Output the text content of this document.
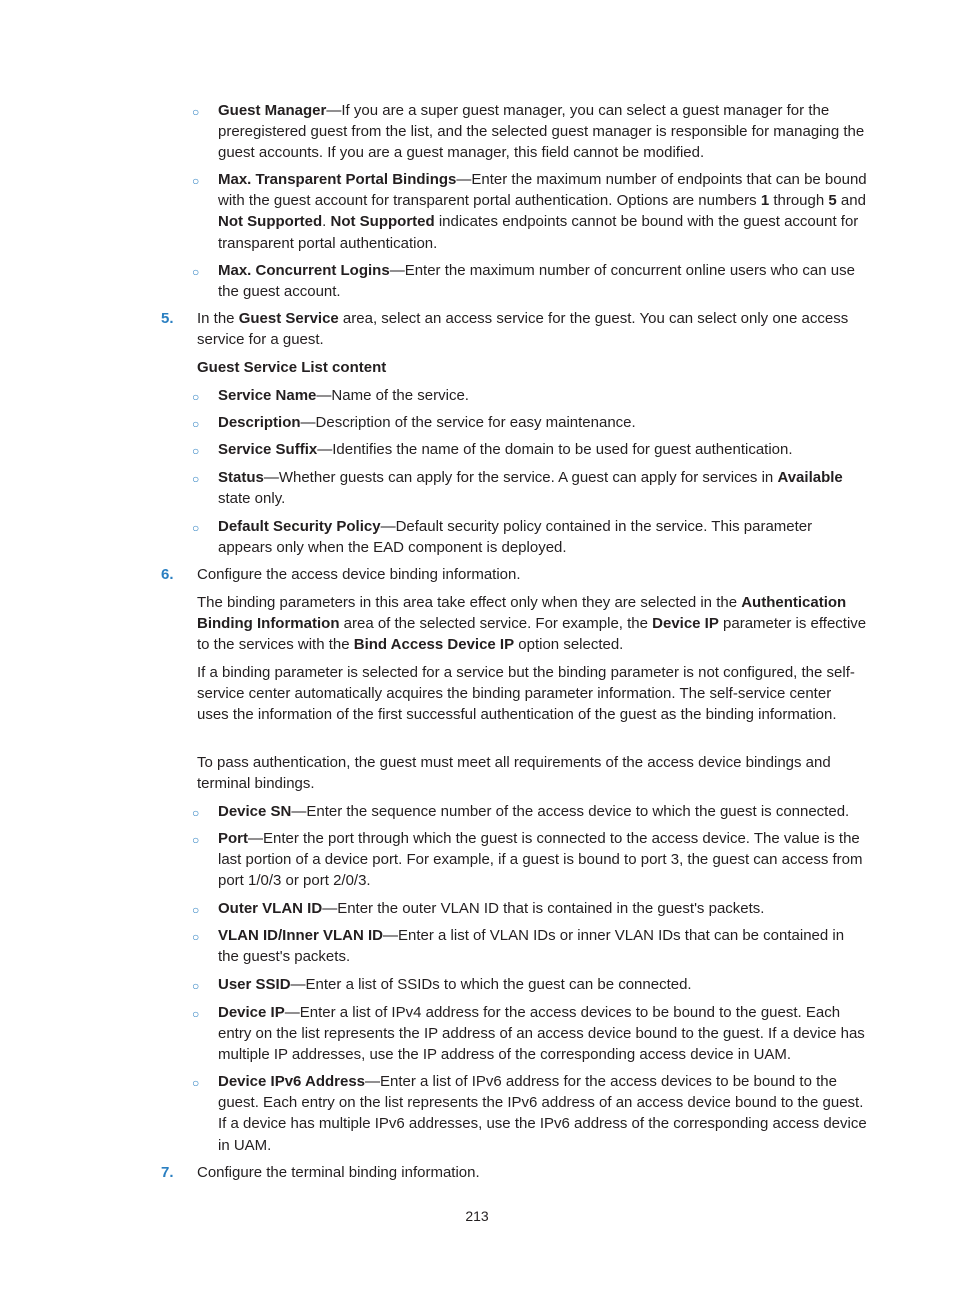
213
Guest Manager—If you are a super guest manager, you can select a guest manager for the preregistered guest from the list, and the selected guest manager is responsible for managing the guest accounts. If you are a guest manager, this field cannot be modified.
○
Max. Transparent Portal Bindings—Enter the maximum number of endpoints that can be bound with the guest account for transparent portal authentication. Options are numbers 1 through 5 and Not Supported. Not Supported indicates endpoints cannot be bound with the guest account for transparent portal authentication.
○
Max. Concurrent Logins—Enter the maximum number of concurrent online users who can use the guest account.
○
In the Guest Service area, select an access service for the guest. You can select only one access service for a guest.
5.
Guest Service List content
Service Name—Name of the service.
○
Description—Description of the service for easy maintenance.
○
Service Suffix—Identifies the name of the domain to be used for guest authentication.
○
Status—Whether guests can apply for the service. A guest can apply for services in Available state only.
○
Default Security Policy—Default security policy contained in the service. This parameter appears only when the EAD component is deployed.
○
Configure the access device binding information.
6.
The binding parameters in this area take effect only when they are selected in the Authentication Binding Information area of the selected service. For example, the Device IP parameter is effective to the services with the Bind Access Device IP option selected.
If a binding parameter is selected for a service but the binding parameter is not configured, the self-service center automatically acquires the binding parameter information. The self-service center uses the information of the first successful authentication of the guest as the binding information.
To pass authentication, the guest must meet all requirements of the access device bindings and terminal bindings.
Device SN—Enter the sequence number of the access device to which the guest is connected.
○
Port—Enter the port through which the guest is connected to the access device. The value is the last portion of a device port. For example, if a guest is bound to port 3, the guest can access from port 1/0/3 or port 2/0/3.
○
Outer VLAN ID—Enter the outer VLAN ID that is contained in the guest's packets.
○
VLAN ID/Inner VLAN ID—Enter a list of VLAN IDs or inner VLAN IDs that can be contained in the guest's packets.
○
User SSID—Enter a list of SSIDs to which the guest can be connected.
○
Device IP—Enter a list of IPv4 address for the access devices to be bound to the guest. Each entry on the list represents the IP address of an access device bound to the guest. If a device has multiple IP addresses, use the IP address of the corresponding access device in UAM.
○
Device IPv6 Address—Enter a list of IPv6 address for the access devices to be bound to the guest. Each entry on the list represents the IPv6 address of an access device bound to the guest. If a device has multiple IPv6 addresses, use the IPv6 address of the corresponding access device in UAM.
○
Configure the terminal binding information.
7.
